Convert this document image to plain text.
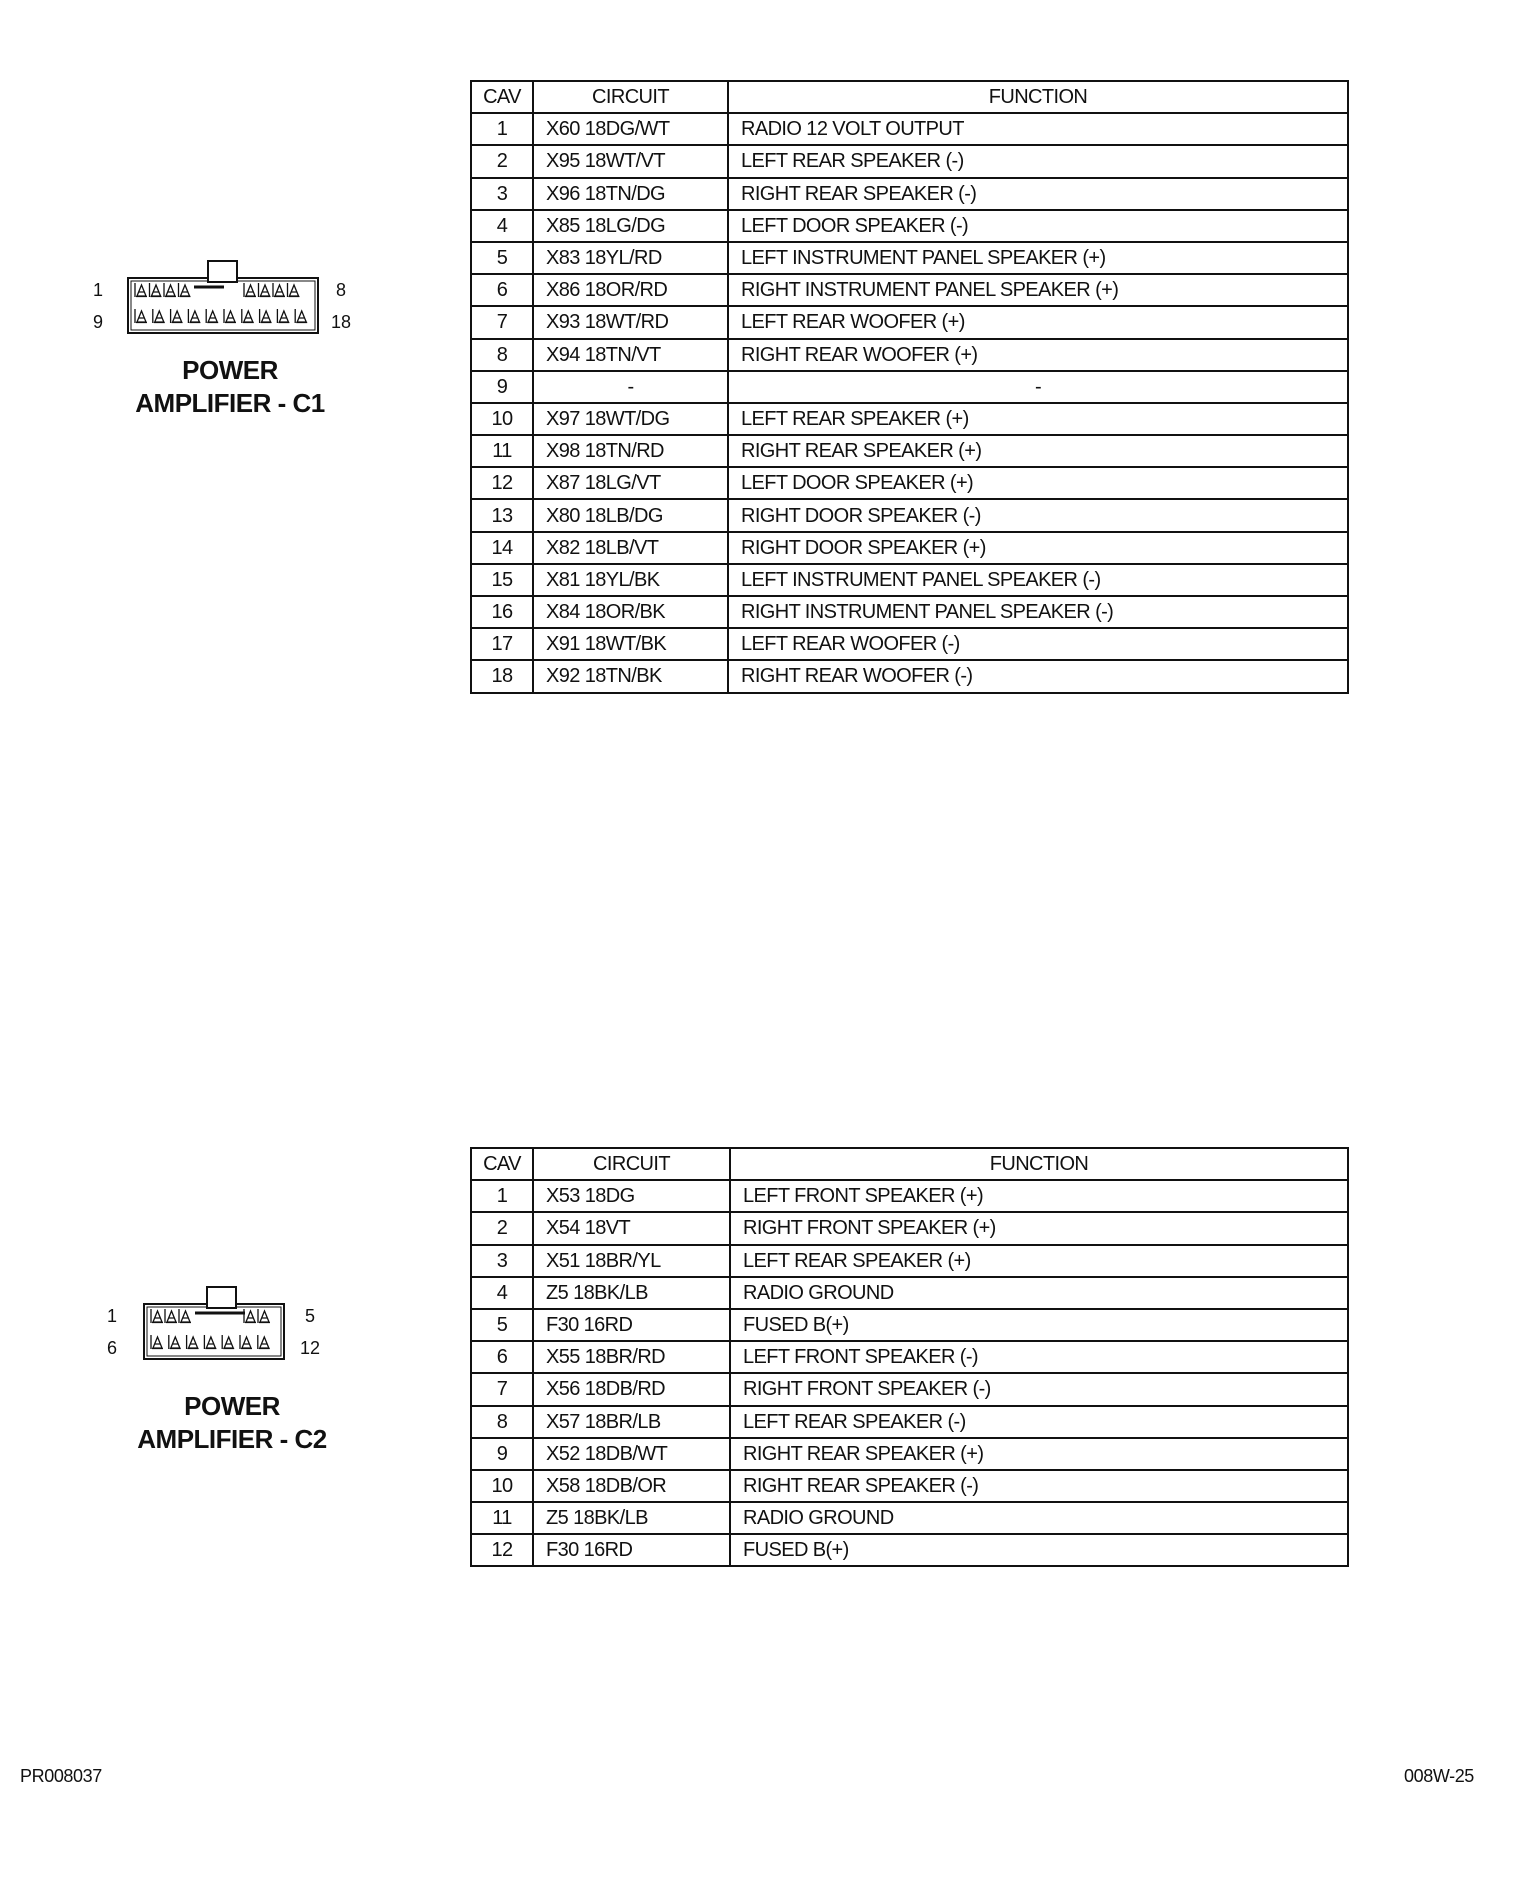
1
9
8
18
POWER
AMPLIFIER - C1
CAV	CIRCUIT	FUNCTION
1	X60 18DG/WT	RADIO 12 VOLT OUTPUT
2	X95 18WT/VT	LEFT REAR SPEAKER (-)
3	X96 18TN/DG	RIGHT REAR SPEAKER (-)
4	X85 18LG/DG	LEFT DOOR SPEAKER (-)
5	X83 18YL/RD	LEFT INSTRUMENT PANEL SPEAKER (+)
6	X86 18OR/RD	RIGHT INSTRUMENT PANEL SPEAKER (+)
7	X93 18WT/RD	LEFT REAR WOOFER (+)
8	X94 18TN/VT	RIGHT REAR WOOFER (+)
9	-	-
10	X97 18WT/DG	LEFT REAR SPEAKER (+)
11	X98 18TN/RD	RIGHT REAR SPEAKER (+)
12	X87 18LG/VT	LEFT DOOR SPEAKER (+)
13	X80 18LB/DG	RIGHT DOOR SPEAKER (-)
14	X82 18LB/VT	RIGHT DOOR SPEAKER (+)
15	X81 18YL/BK	LEFT INSTRUMENT PANEL SPEAKER (-)
16	X84 18OR/BK	RIGHT INSTRUMENT PANEL SPEAKER (-)
17	X91 18WT/BK	LEFT REAR WOOFER (-)
18	X92 18TN/BK	RIGHT REAR WOOFER (-)
1
6
5
12
POWER
AMPLIFIER - C2
CAV	CIRCUIT	FUNCTION
1	X53 18DG	LEFT FRONT SPEAKER (+)
2	X54 18VT	RIGHT FRONT SPEAKER (+)
3	X51 18BR/YL	LEFT REAR SPEAKER (+)
4	Z5 18BK/LB	RADIO GROUND
5	F30 16RD	FUSED B(+)
6	X55 18BR/RD	LEFT FRONT SPEAKER (-)
7	X56 18DB/RD	RIGHT FRONT SPEAKER (-)
8	X57 18BR/LB	LEFT REAR SPEAKER (-)
9	X52 18DB/WT	RIGHT REAR SPEAKER (+)
10	X58 18DB/OR	RIGHT REAR SPEAKER (-)
11	Z5 18BK/LB	RADIO GROUND
12	F30 16RD	FUSED B(+)
PR008037	008W-25
